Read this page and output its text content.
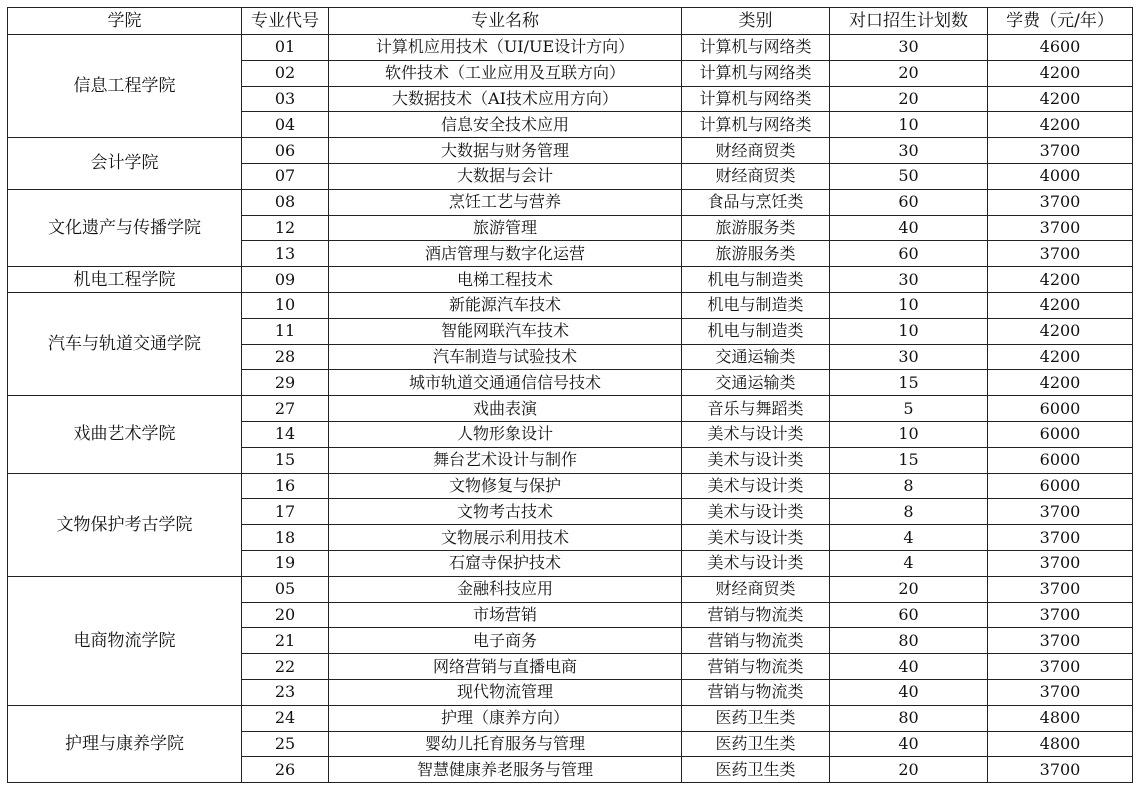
学院	专业代号	专业名称	类别	对口招生计划数	学费（元/年）
信息工程学院	01	计算机应用技术（UI/UE设计方向）	计算机与网络类	30	4600
	02	软件技术（工业应用及互联方向）	计算机与网络类	20	4200
	03	大数据技术（AI技术应用方向）	计算机与网络类	20	4200
	04	信息安全技术应用	计算机与网络类	10	4200
会计学院	06	大数据与财务管理	财经商贸类	30	3700
	07	大数据与会计	财经商贸类	50	4000
文化遗产与传播学院	08	烹饪工艺与营养	食品与烹饪类	60	3700
	12	旅游管理	旅游服务类	40	3700
	13	酒店管理与数字化运营	旅游服务类	60	3700
机电工程学院	09	电梯工程技术	机电与制造类	30	4200
汽车与轨道交通学院	10	新能源汽车技术	机电与制造类	10	4200
	11	智能网联汽车技术	机电与制造类	10	4200
	28	汽车制造与试验技术	交通运输类	30	4200
	29	城市轨道交通通信信号技术	交通运输类	15	4200
戏曲艺术学院	27	戏曲表演	音乐与舞蹈类	5	6000
	14	人物形象设计	美术与设计类	10	6000
	15	舞台艺术设计与制作	美术与设计类	15	6000
文物保护考古学院	16	文物修复与保护	美术与设计类	8	6000
	17	文物考古技术	美术与设计类	8	3700
	18	文物展示利用技术	美术与设计类	4	3700
	19	石窟寺保护技术	美术与设计类	4	3700
电商物流学院	05	金融科技应用	财经商贸类	20	3700
	20	市场营销	营销与物流类	60	3700
	21	电子商务	营销与物流类	80	3700
	22	网络营销与直播电商	营销与物流类	40	3700
	23	现代物流管理	营销与物流类	40	3700
护理与康养学院	24	护理（康养方向）	医药卫生类	80	4800
	25	婴幼儿托育服务与管理	医药卫生类	40	4800
	26	智慧健康养老服务与管理	医药卫生类	20	3700
